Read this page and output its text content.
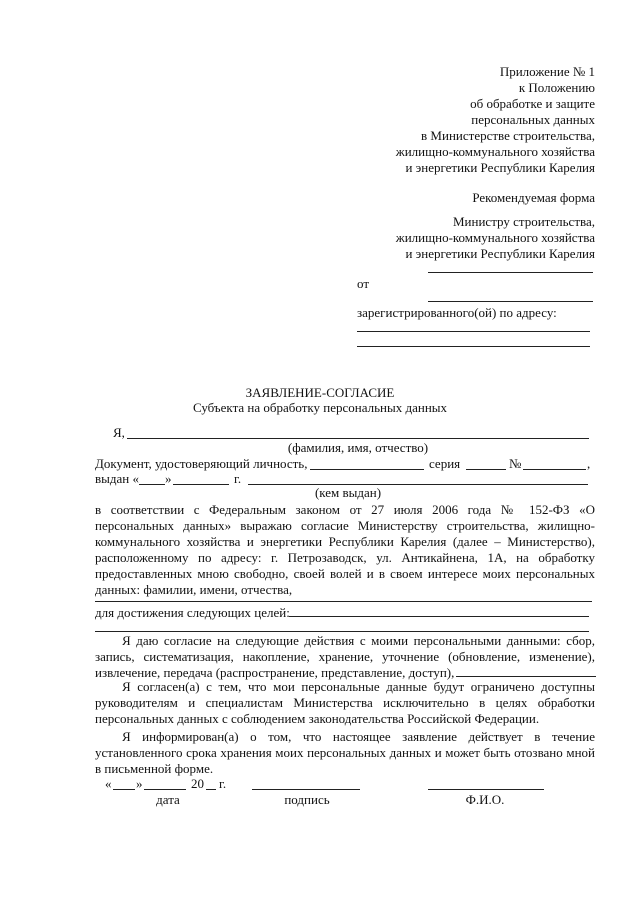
Приложение № 1
к Положению
об обработке и защите
персональных данных
в Министерстве строительства,
жилищно-коммунального хозяйства
и энергетики Республики Карелия
Рекомендуемая форма
Министру строительства,
жилищно-коммунального хозяйства
и энергетики Республики Карелия
от
зарегистрированного(ой) по адресу:
ЗАЯВЛЕНИЕ-СОГЛАСИЕ
Субъекта на обработку персональных данных
Я,
(фамилия, имя, отчество)
Документ, удостоверяющий личность,	серия	№	,
выдан « »	г.
(кем выдан)
в соответствии с Федеральным законом от 27 июля 2006 года № 152-ФЗ «О персональных данных» выражаю согласие Министерству строительства, жилищно-коммунального хозяйства и энергетики Республики Карелия (далее – Министерство), расположенному по адресу: г. Петрозаводск, ул. Антикайнена, 1А, на обработку предоставленных мною свободно, своей волей и в своем интересе моих персональных данных: фамилии, имени, отчества,
для достижения следующих целей:
Я даю согласие на следующие действия с моими персональными данными: сбор, запись, систематизация, накопление, хранение, уточнение (обновление, изменение), извлечение, передача (распространение, представление, доступ),
Я согласен(а) с тем, что мои персональные данные будут ограничено доступны руководителям и специалистам Министерства исключительно в целях обработки персональных данных с соблюдением законодательства Российской Федерации.
Я информирован(а) о том, что настоящее заявление действует в течение установленного срока хранения моих персональных данных и может быть отозвано мной в письменной форме.
« »	20 г.
дата	подпись	Ф.И.О.
